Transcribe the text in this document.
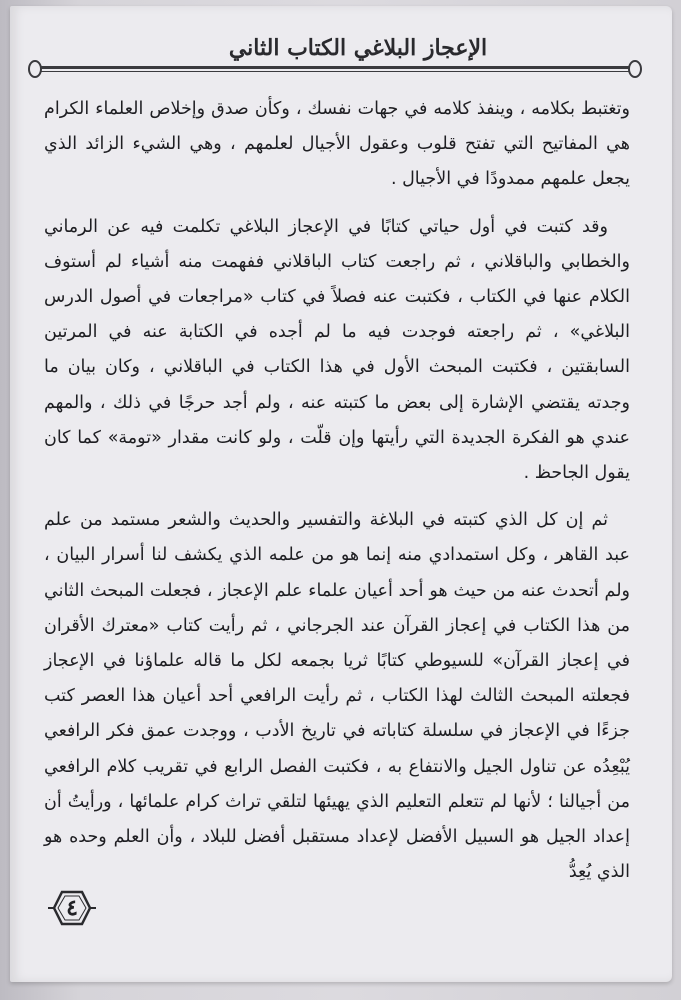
الإعجاز البلاغي الكتاب الثاني

وتغتبط بكلامه ، وينفذ كلامه في جهات نفسك ، وكأن صدق وإخلاص العلماء الكرام هي المفاتيح التي تفتح قلوب وعقول الأجيال لعلمهم ، وهي الشيء الزائد الذي يجعل علمهم ممدودًا في الأجيال .

وقد كتبت في أول حياتي كتابًا في الإعجاز البلاغي تكلمت فيه عن الرماني والخطابي والباقلاني ، ثم راجعت كتاب الباقلاني ففهمت منه أشياء لم أستوف الكلام عنها في الكتاب ، فكتبت عنه فصلاً في كتاب «مراجعات في أصول الدرس البلاغي» ، ثم راجعته فوجدت فيه ما لم أجده في الكتابة عنه في المرتين السابقتين ، فكتبت المبحث الأول في هذا الكتاب في الباقلاني ، وكان بيان ما وجدته يقتضي الإشارة إلى بعض ما كتبته عنه ، ولم أجد حرجًا في ذلك ، والمهم عندي هو الفكرة الجديدة التي رأيتها وإن قلّت ، ولو كانت مقدار «تومة» كما كان يقول الجاحظ .

ثم إن كل الذي كتبته في البلاغة والتفسير والحديث والشعر مستمد من علم عبد القاهر ، وكل استمدادي منه إنما هو من علمه الذي يكشف لنا أسرار البيان ، ولم أتحدث عنه من حيث هو أحد أعيان علماء علم الإعجاز ، فجعلت المبحث الثاني من هذا الكتاب في إعجاز القرآن عند الجرجاني ، ثم رأيت كتاب «معترك الأقران في إعجاز القرآن» للسيوطي كتابًا ثريا بجمعه لكل ما قاله علماؤنا في الإعجاز فجعلته المبحث الثالث لهذا الكتاب ، ثم رأيت الرافعي أحد أعيان هذا العصر كتب جزءًا في الإعجاز في سلسلة كتاباته في تاريخ الأدب ، ووجدت عمق فكر الرافعي يُبْعِدُه عن تناول الجيل والانتفاع به ، فكتبت الفصل الرابع في تقريب كلام الرافعي من أجيالنا ؛ لأنها لم تتعلم التعليم الذي يهيئها لتلقي تراث كرام علمائها ، ورأيتُ أن إعداد الجيل هو السبيل الأفضل لإعداد مستقبل أفضل للبلاد ، وأن العلم وحده هو الذي يُعِدُّ

٤
